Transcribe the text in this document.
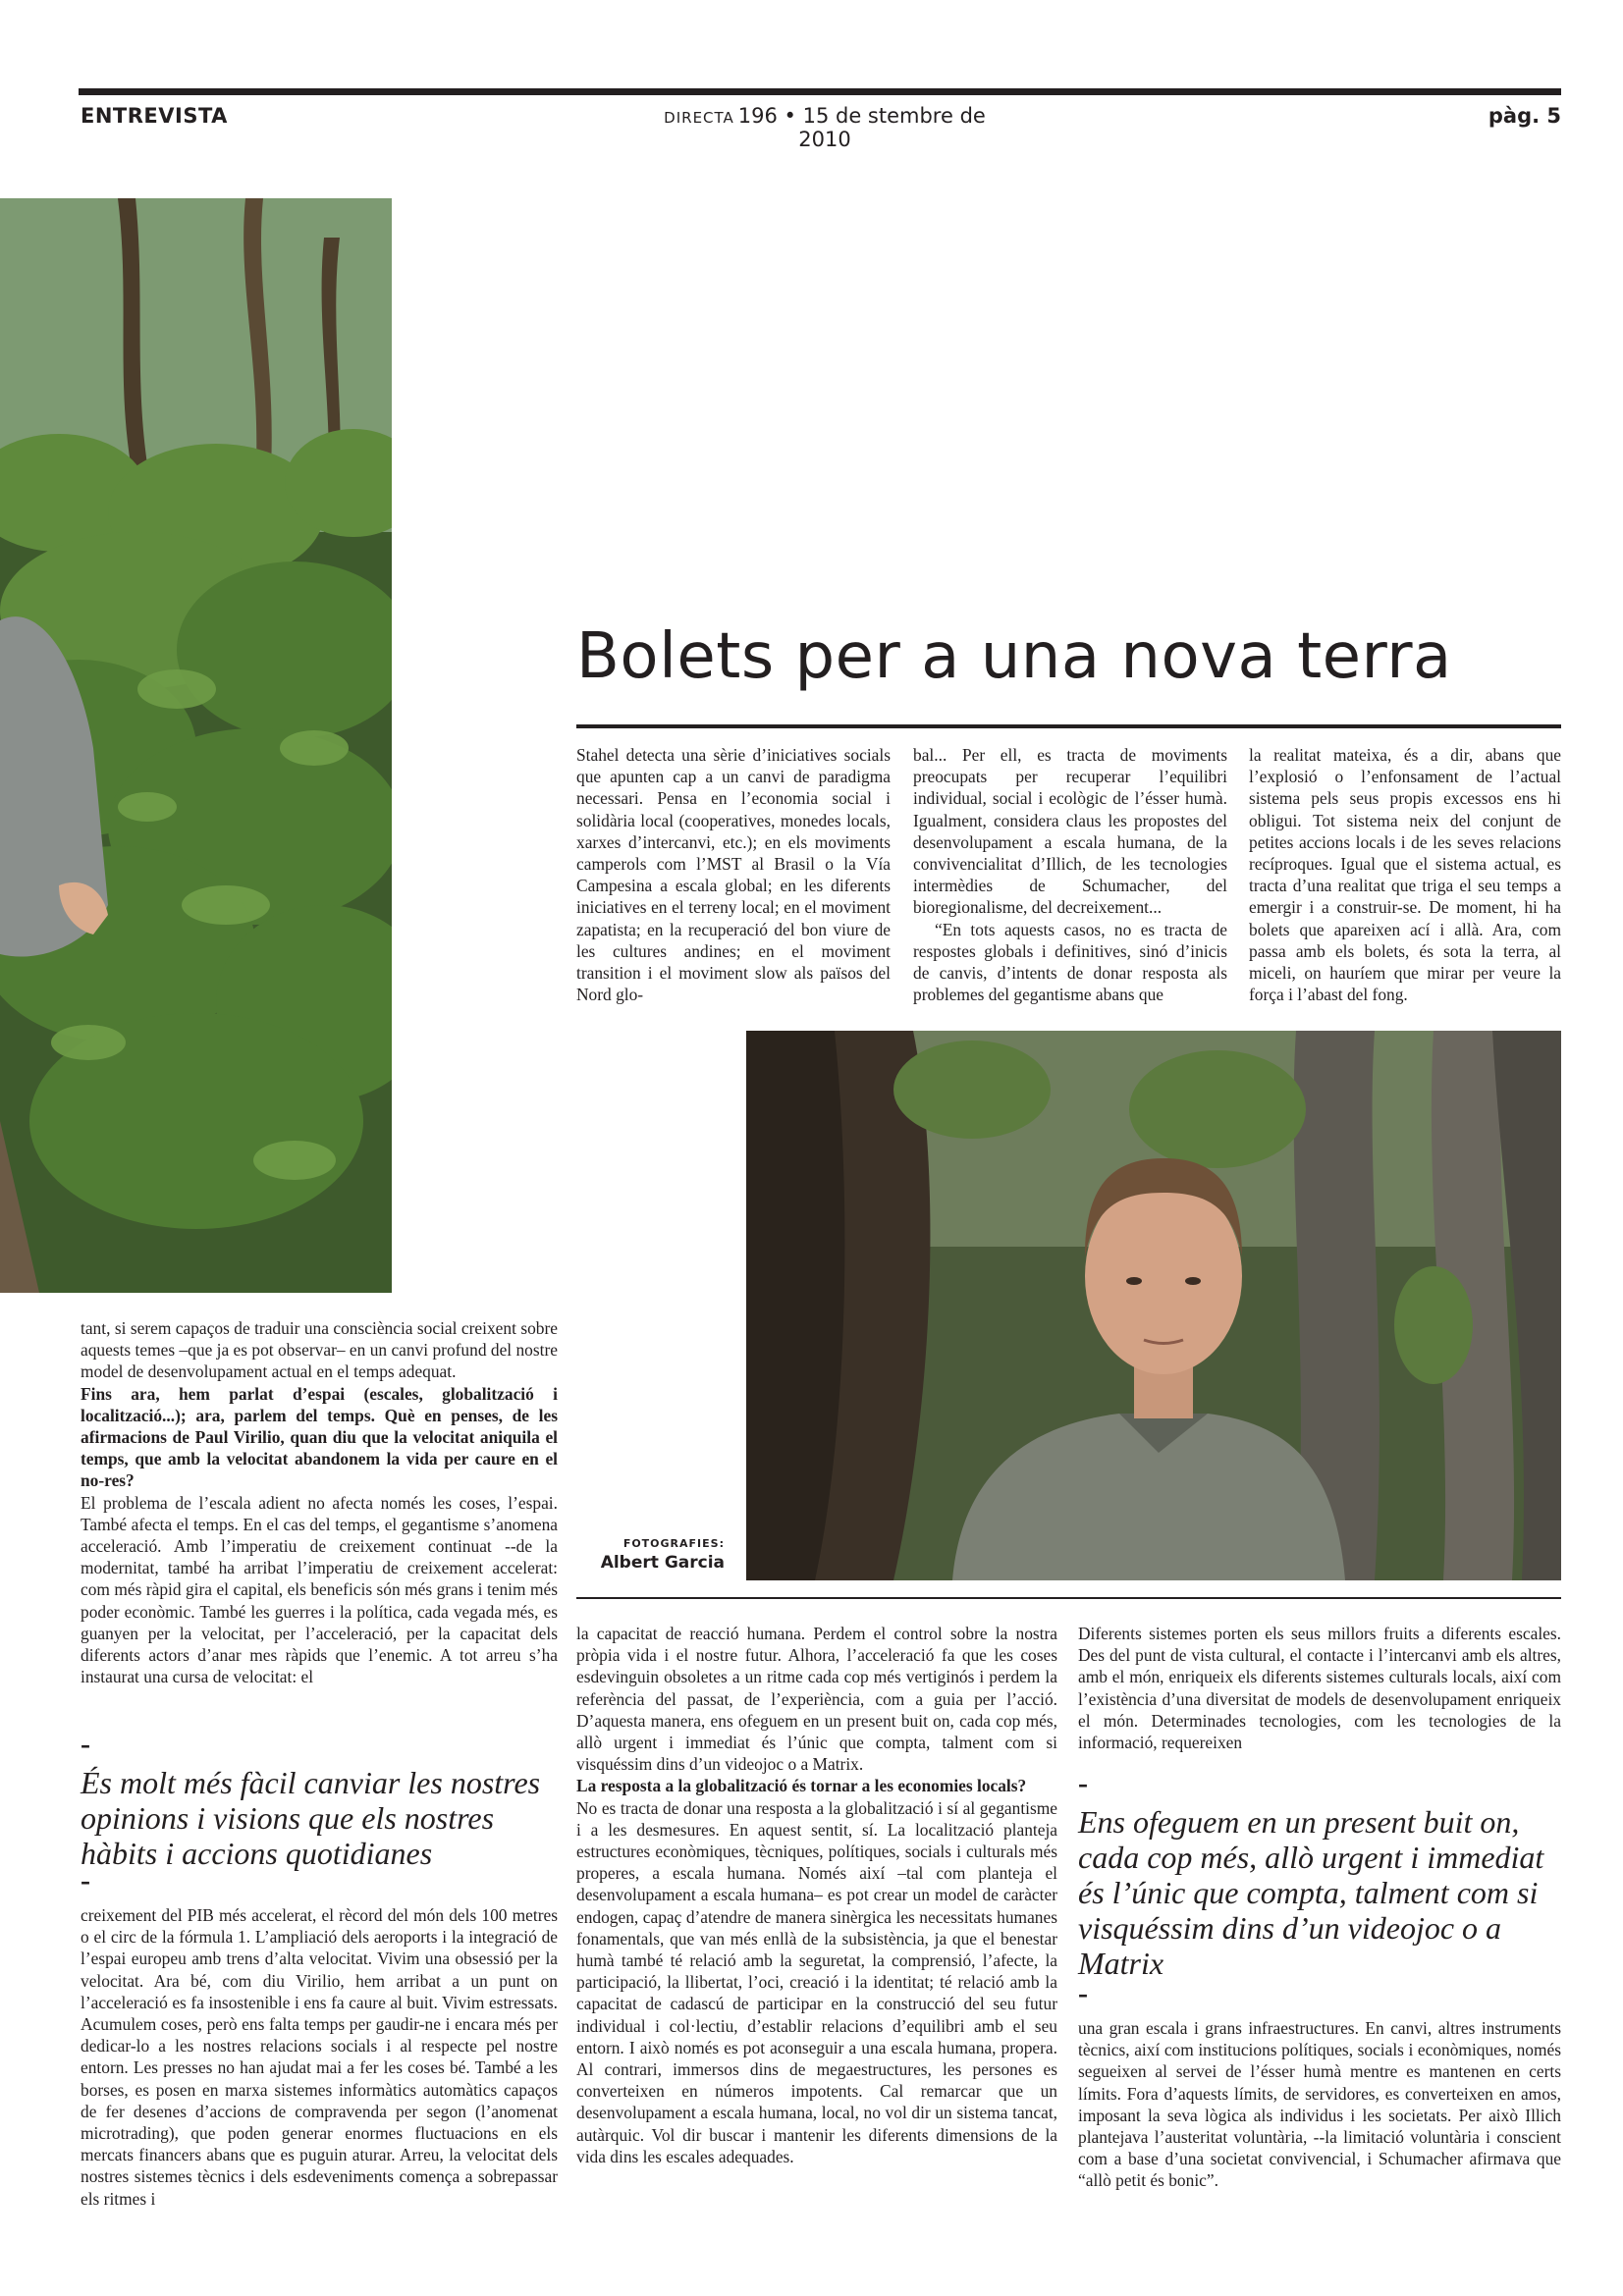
ENTREVISTA	DIRECTA 196 • 15 de stembre de 2010
pàg. 5
Bolets per a una nova terra

Stahel detecta una sèrie d’iniciatives socials que apunten cap a un canvi de paradigma necessari. Pensa en l’economia social i solidària local (cooperatives, monedes locals, xarxes d’intercanvi, etc.); en els moviments camperols com l’MST al Brasil o la Vía Campesina a escala global; en les diferents iniciatives en el terreny local; en el moviment zapatista; en la recuperació del bon viure de les cultures andines; en el moviment transition i el moviment slow als països del Nord glo-

bal... Per ell, es tracta de moviments preocupats per recuperar l’equilibri individual, social i ecològic de l’ésser humà. Igualment, considera claus les propostes del desenvolupament a escala humana, de la convivencialitat d’Illich, de les tecnologies intermèdies de Schumacher, del bioregionalisme, del decreixement...

“En tots aquests casos, no es tracta de respostes globals i definitives, sinó d’inicis de canvis, d’intents de donar resposta als problemes del gegantisme abans que

la realitat mateixa, és a dir, abans que l’explosió o l’enfonsament de l’actual sistema pels seus propis excessos ens hi obligui. Tot sistema neix del conjunt de petites accions locals i de les seves relacions recíproques. Igual que el sistema actual, es tracta d’una realitat que triga el seu temps a emergir i a construir-se. De moment, hi ha bolets que apareixen ací i allà. Ara, com passa amb els bolets, és sota la terra, al miceli, on hauríem que mirar per veure la força i l’abast del fong.

FOTOGRAFIES:
Albert Garcia

tant, si serem capaços de traduir una consciència social creixent sobre aquests temes –que ja es pot observar– en un canvi profund del nostre model de desenvolupament actual en el temps adequat.

Fins ara, hem parlat d’espai (escales, globalització i localització...); ara, parlem del temps. Què en penses, de les afirmacions de Paul Virilio, quan diu que la velocitat aniquila el temps, que amb la velocitat abandonem la vida per caure en el no-res?

El problema de l’escala adient no afecta només les coses, l’espai. També afecta el temps. En el cas del temps, el gegantisme s’anomena acceleració. Amb l’imperatiu de creixement continuat --de la modernitat, també ha arribat l’imperatiu de creixement accelerat: com més ràpid gira el capital, els beneficis són més grans i tenim més poder econòmic. També les guerres i la política, cada vegada més, es guanyen per la velocitat, per l’acceleració, per la capacitat dels diferents actors d’anar mes ràpids que l’enemic. A tot arreu s’ha instaurat una cursa de velocitat: el

–
És molt més fàcil canviar les nostres opinions i visions que els nostres hàbits i accions quotidianes
–

creixement del PIB més accelerat, el rècord del món dels 100 metres o el circ de la fórmula 1. L’ampliació dels aeroports i la integració de l’espai europeu amb trens d’alta velocitat. Vivim una obsessió per la velocitat. Ara bé, com diu Virilio, hem arribat a un punt on l’acceleració es fa insostenible i ens fa caure al buit. Vivim estressats. Acumulem coses, però ens falta temps per gaudir-ne i encara més per dedicar-lo a les nostres relacions socials i al respecte pel nostre entorn. Les presses no han ajudat mai a fer les coses bé. També a les borses, es posen en marxa sistemes informàtics automàtics capaços de fer desenes d’accions de compravenda per segon (l’anomenat microtrading), que poden generar enormes fluctuacions en els mercats financers abans que es puguin aturar. Arreu, la velocitat dels nostres sistemes tècnics i dels esdeveniments comença a sobrepassar els ritmes i

la capacitat de reacció humana. Perdem el control sobre la nostra pròpia vida i el nostre futur. Alhora, l’acceleració fa que les coses esdevinguin obsoletes a un ritme cada cop més vertiginós i perdem la referència del passat, de l’experiència, com a guia per l’acció. D’aquesta manera, ens ofeguem en un present buit on, cada cop més, allò urgent i immediat és l’únic que compta, talment com si visquéssim dins d’un videojoc o a Matrix.

La resposta a la globalització és tornar a les economies locals?

No es tracta de donar una resposta a la globalització i sí al gegantisme i a les desmesures. En aquest sentit, sí. La localització planteja estructures econòmiques, tècniques, polítiques, socials i culturals més properes, a escala humana. Només així –tal com planteja el desenvolupament a escala humana– es pot crear un model de caràcter endogen, capaç d’atendre de manera sinèrgica les necessitats humanes fonamentals, que van més enllà de la subsistència, ja que el benestar humà també té relació amb la seguretat, la comprensió, l’afecte, la participació, la llibertat, l’oci, creació i la identitat; té relació amb la capacitat de cadascú de participar en la construcció del seu futur individual i col·lectiu, d’establir relacions d’equilibri amb el seu entorn. I això només es pot aconseguir a una escala humana, propera. Al contrari, immersos dins de megaestructures, les persones es converteixen en números impotents. Cal remarcar que un desenvolupament a escala humana, local, no vol dir un sistema tancat, autàrquic. Vol dir buscar i mantenir les diferents dimensions de la vida dins les escales adequades.

Diferents sistemes porten els seus millors fruits a diferents escales. Des del punt de vista cultural, el contacte i l’intercanvi amb els altres, amb el món, enriqueix els diferents sistemes culturals locals, així com l’existència d’una diversitat de models de desenvolupament enriqueix el món. Determinades tecnologies, com les tecnologies de la informació, requereixen

–
Ens ofeguem en un present buit on, cada cop més, allò urgent i immediat és l’únic que compta, talment com si visquéssim dins d’un videojoc o a Matrix
–

una gran escala i grans infraestructures. En canvi, altres instruments tècnics, així com institucions polítiques, socials i econòmiques, només segueixen al servei de l’ésser humà mentre es mantenen en certs límits. Fora d’aquests límits, de servidores, es converteixen en amos, imposant la seva lògica als individus i les societats. Per això Illich plantejava l’austeritat voluntària, --la limitació voluntària i conscient com a base d’una societat convivencial, i Schumacher afirmava que “allò petit és bonic”.
